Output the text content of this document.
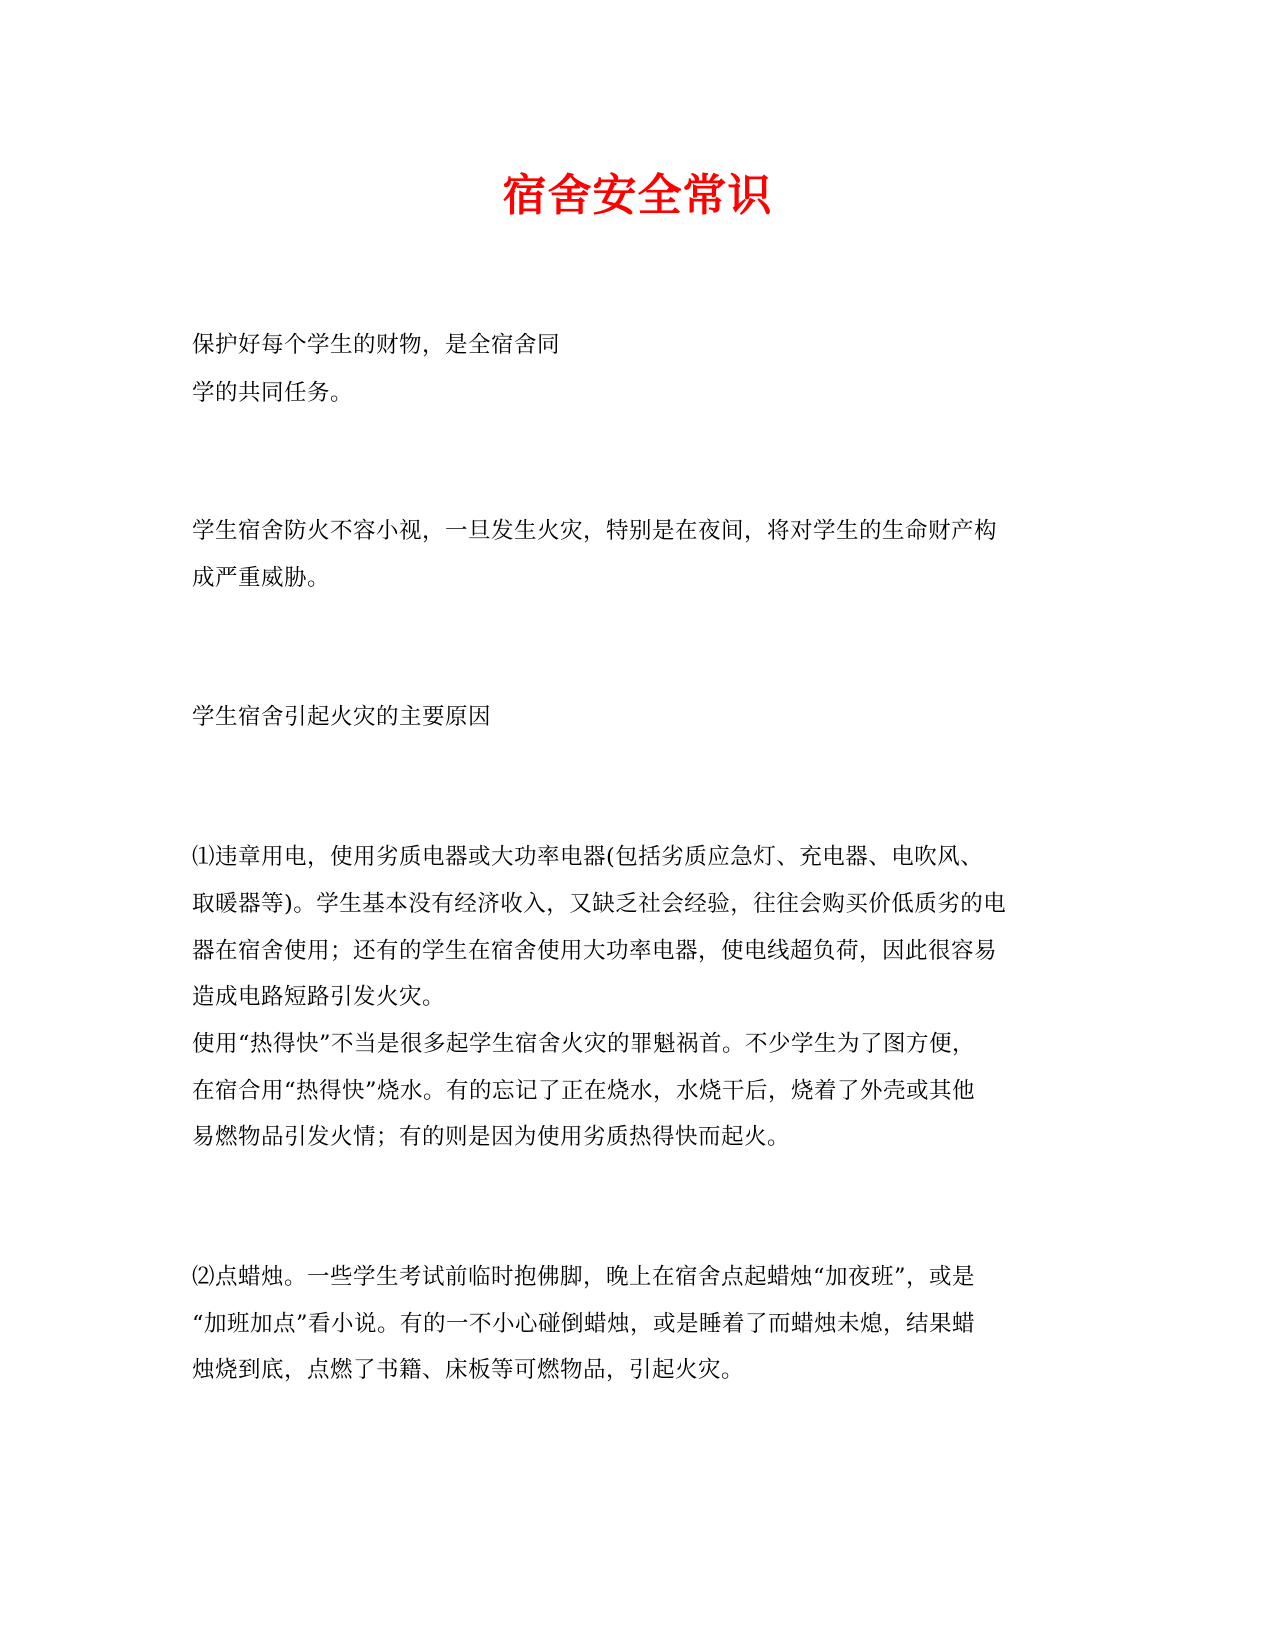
宿舍安全常识
保护好每个学生的财物，是全宿舍同
学的共同任务。
学生宿舍防火不容小视，一旦发生火灾，特别是在夜间，将对学生的生命财产构
成严重威胁。
学生宿舍引起火灾的主要原因
⑴违章用电，使用劣质电器或大功率电器(包括劣质应急灯、充电器、电吹风、
取暖器等)。学生基本没有经济收入，又缺乏社会经验，往往会购买价低质劣的电
器在宿舍使用；还有的学生在宿舍使用大功率电器，使电线超负荷，因此很容易
造成电路短路引发火灾。
使用“热得快”不当是很多起学生宿舍火灾的罪魁祸首。不少学生为了图方便，
在宿合用“热得快”烧水。有的忘记了正在烧水，水烧干后，烧着了外壳或其他
易燃物品引发火情；有的则是因为使用劣质热得快而起火。
⑵点蜡烛。一些学生考试前临时抱佛脚，晚上在宿舍点起蜡烛“加夜班”，或是
“加班加点”看小说。有的一不小心碰倒蜡烛，或是睡着了而蜡烛未熄，结果蜡
烛烧到底，点燃了书籍、床板等可燃物品，引起火灾。
